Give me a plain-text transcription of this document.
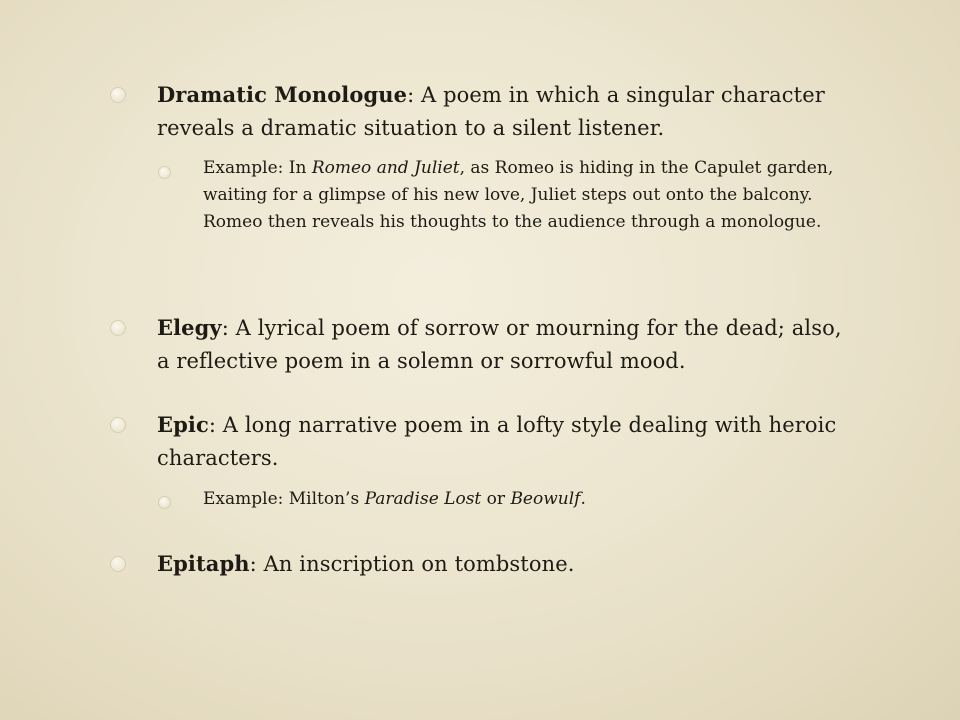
Dramatic Monologue: A poem in which a singular character reveals a dramatic situation to a silent listener.
Example: In Romeo and Juliet, as Romeo is hiding in the Capulet garden, waiting for a glimpse of his new love, Juliet steps out onto the balcony. Romeo then reveals his thoughts to the audience through a monologue.
Elegy: A lyrical poem of sorrow or mourning for the dead; also, a reflective poem in a solemn or sorrowful mood.
Epic: A long narrative poem in a lofty style dealing with heroic characters.
Example: Milton’s Paradise Lost or Beowulf.
Epitaph: An inscription on tombstone.
